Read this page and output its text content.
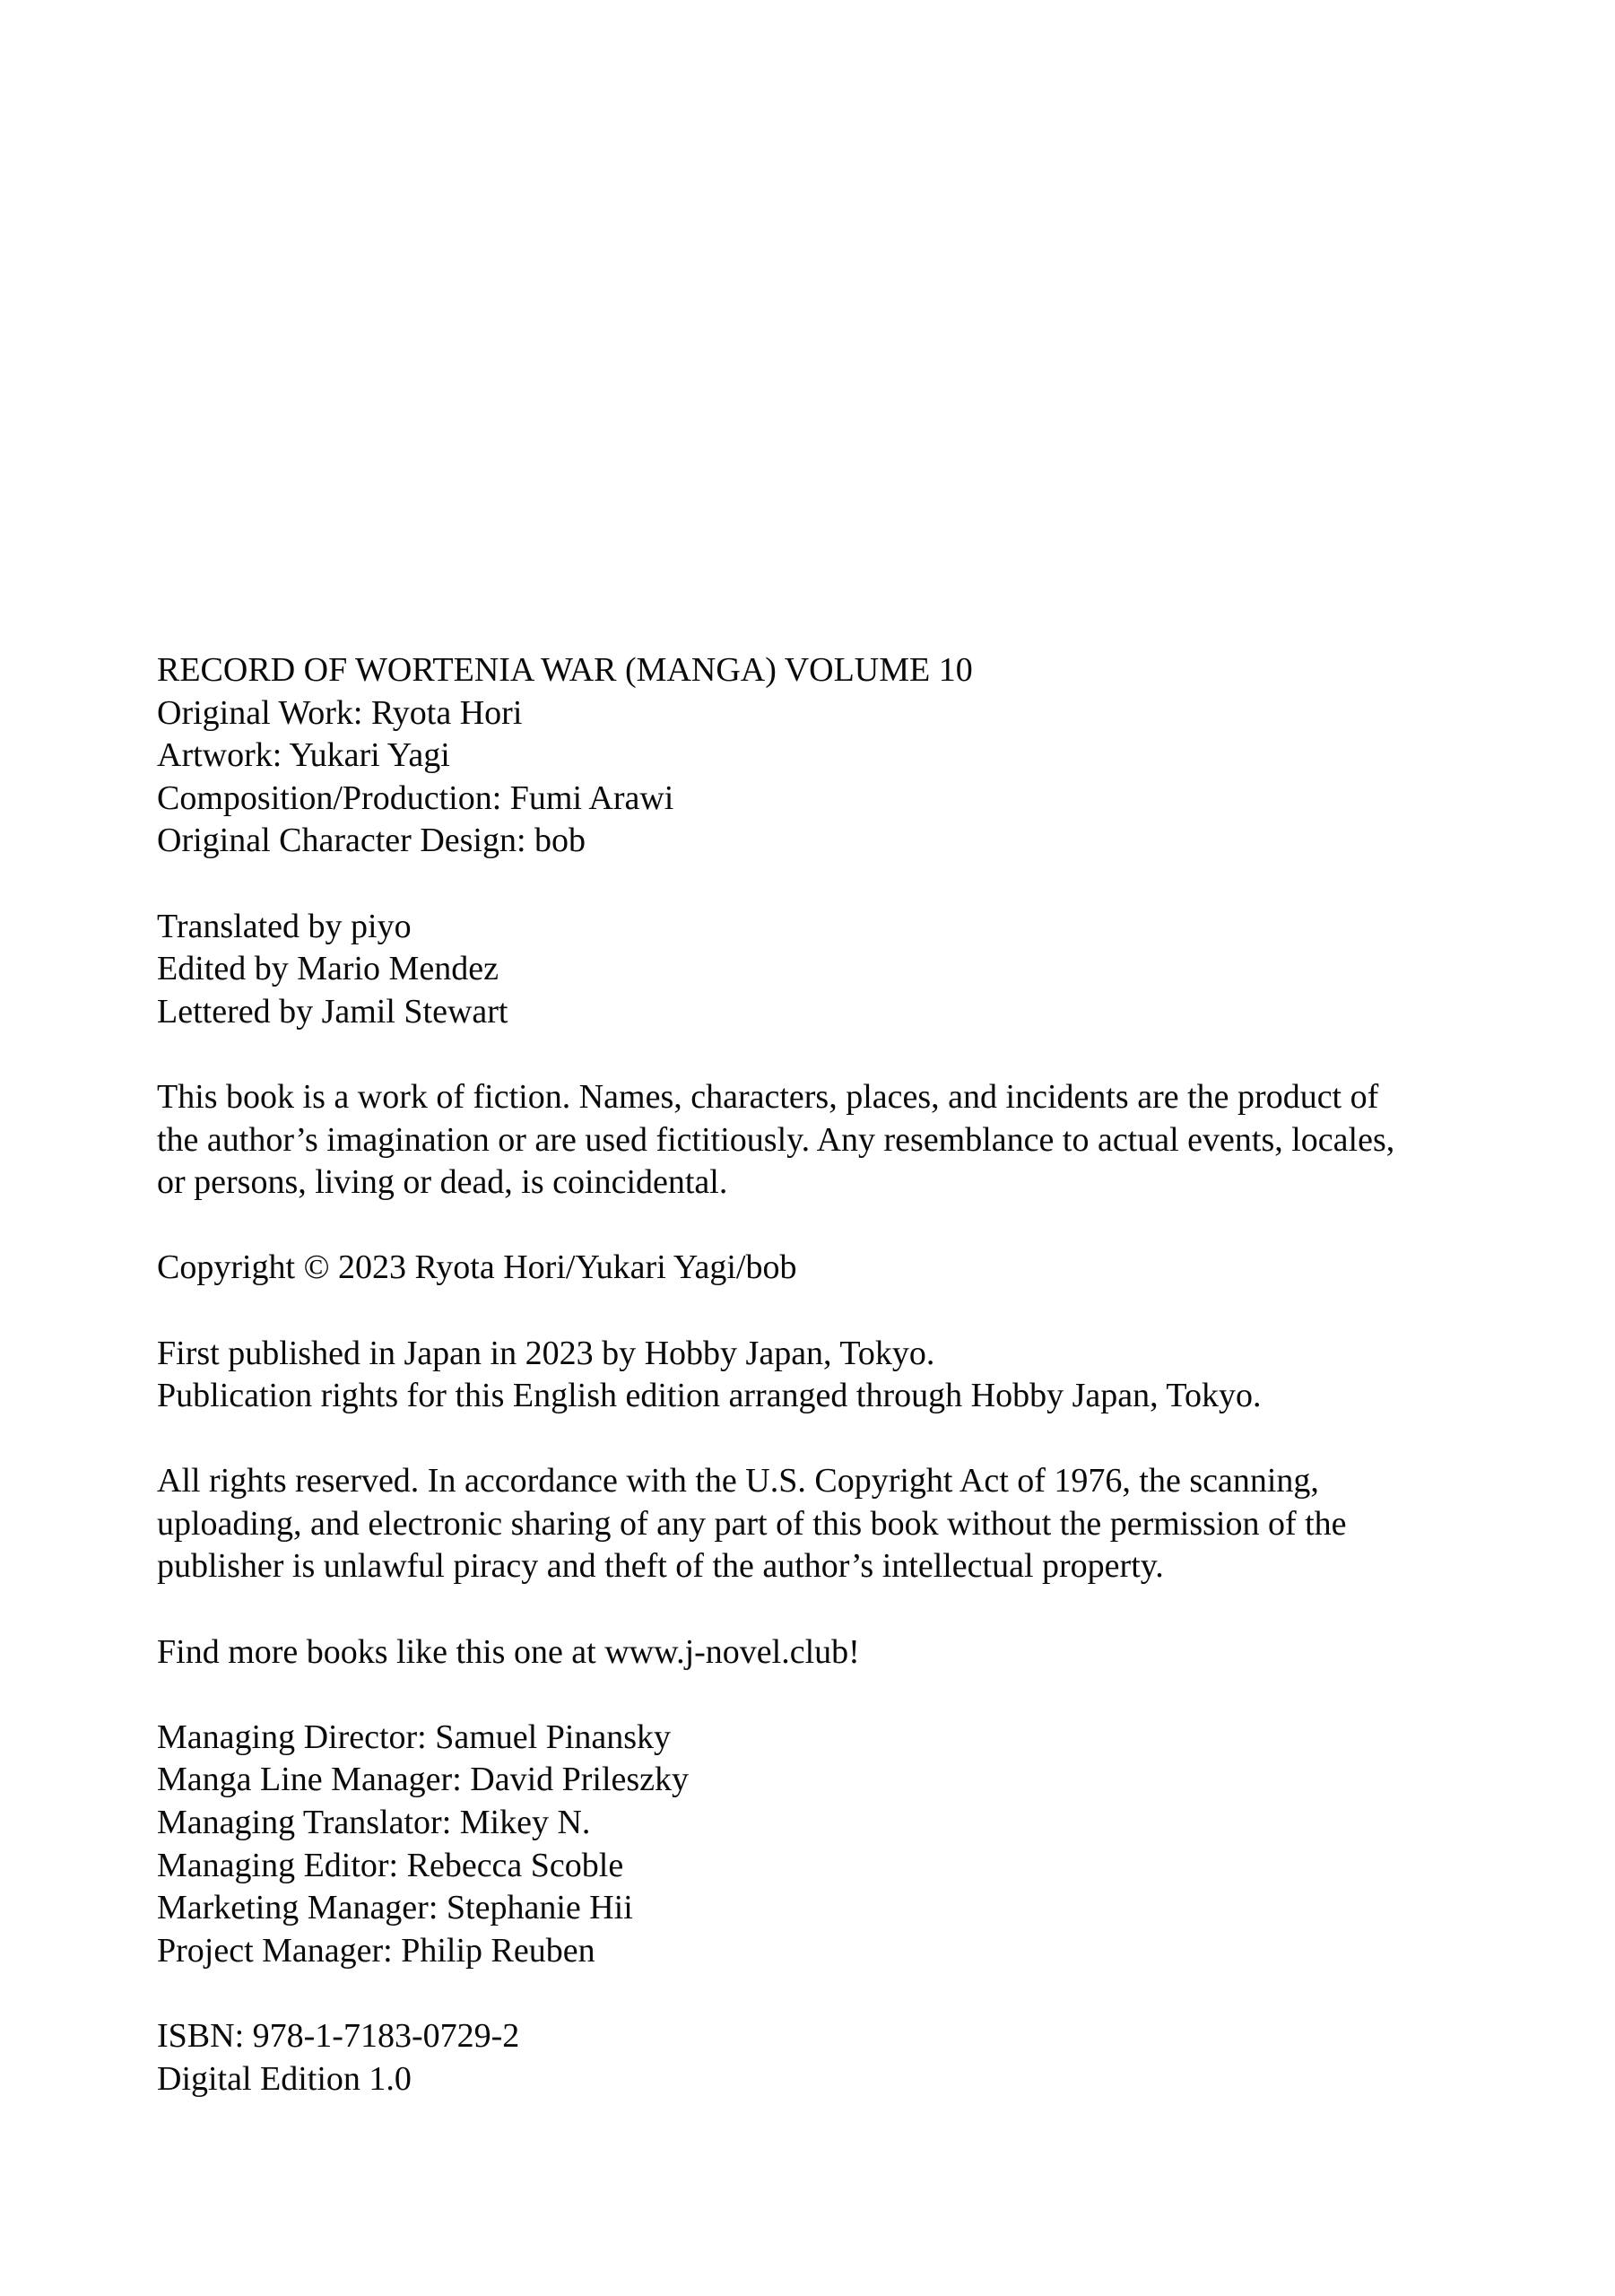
RECORD OF WORTENIA WAR (MANGA) VOLUME 10
Original Work: Ryota Hori
Artwork: Yukari Yagi
Composition/Production: Fumi Arawi
Original Character Design: bob
Translated by piyo
Edited by Mario Mendez
Lettered by Jamil Stewart
This book is a work of fiction. Names, characters, places, and incidents are the product of
the author’s imagination or are used fictitiously. Any resemblance to actual events, locales,
or persons, living or dead, is coincidental.
Copyright © 2023 Ryota Hori/Yukari Yagi/bob
First published in Japan in 2023 by Hobby Japan, Tokyo.
Publication rights for this English edition arranged through Hobby Japan, Tokyo.
All rights reserved. In accordance with the U.S. Copyright Act of 1976, the scanning,
uploading, and electronic sharing of any part of this book without the permission of the
publisher is unlawful piracy and theft of the author’s intellectual property.
Find more books like this one at www.j-novel.club!
Managing Director: Samuel Pinansky
Manga Line Manager: David Prileszky
Managing Translator: Mikey N.
Managing Editor: Rebecca Scoble
Marketing Manager: Stephanie Hii
Project Manager: Philip Reuben
ISBN: 978-1-7183-0729-2
Digital Edition 1.0
